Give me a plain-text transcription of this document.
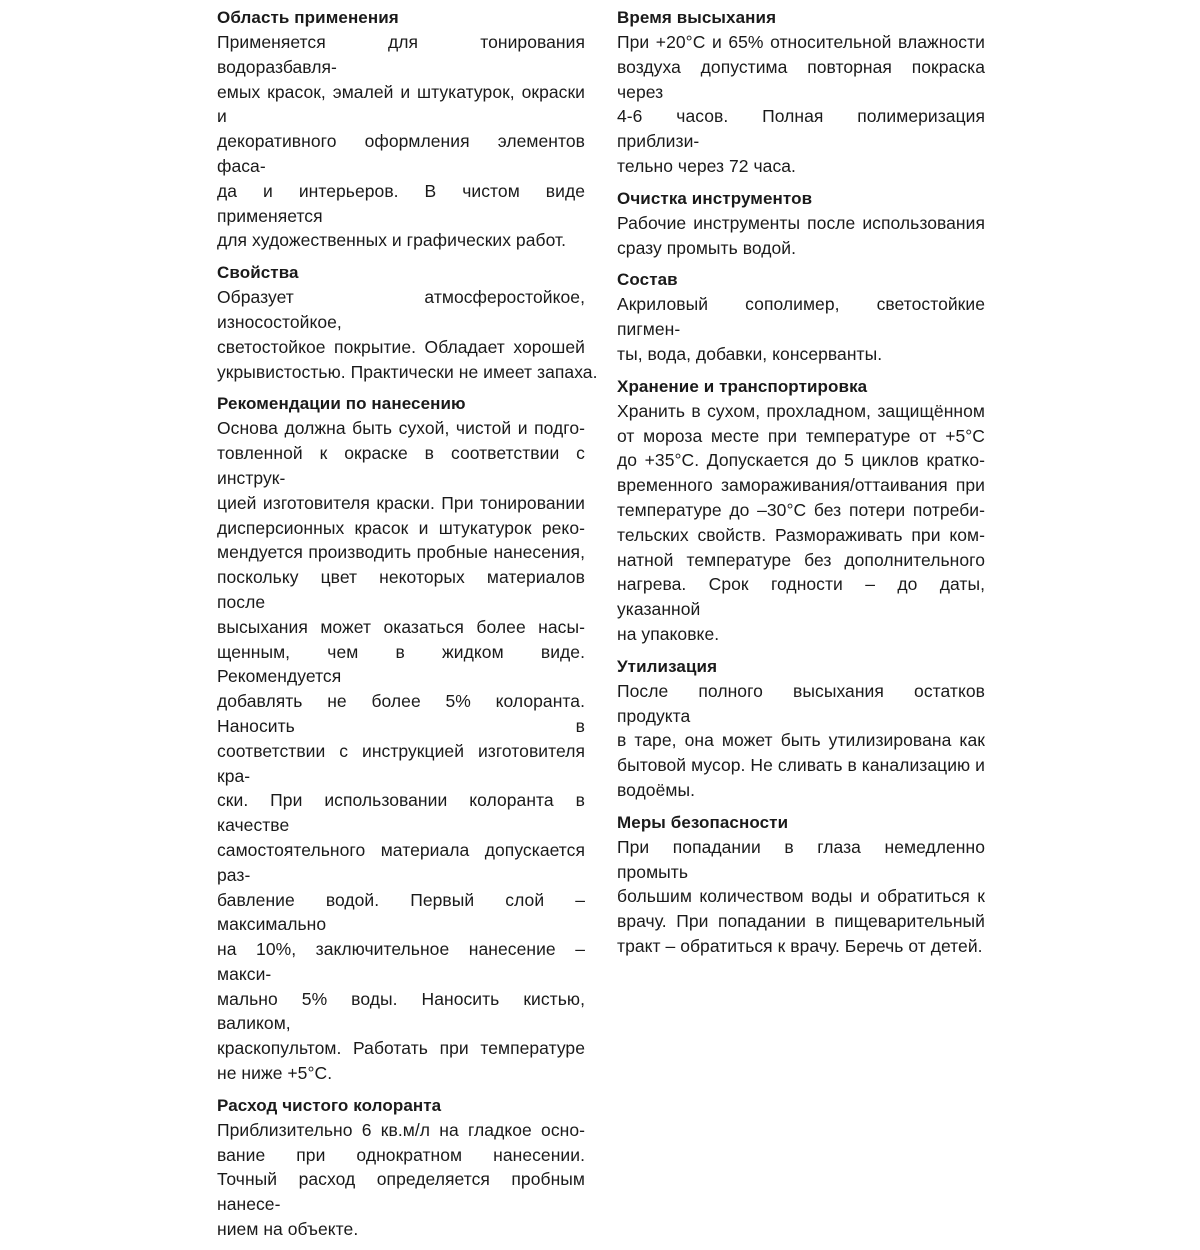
Область применения

Применяется для тонирования водоразбавля-
емых красок, эмалей и штукатурок, окраски и
декоративного оформления элементов фаса-
да и интерьеров. В чистом виде применяется
для художественных и графических работ.

Свойства

Образует атмосферостойкое, износостойкое,
светостойкое покрытие. Обладает хорошей
укрывистостью. Практически не имеет запаха.

Рекомендации по нанесению

Основа должна быть сухой, чистой и подго-
товленной к окраске в соответствии с инструк-
цией изготовителя краски. При тонировании
дисперсионных красок и штукатурок реко-
мендуется производить пробные нанесения,
поскольку цвет некоторых материалов после
высыхания может оказаться более насы-
щенным, чем в жидком виде. Рекомендуется
добавлять не более 5% колоранта. Наносить в
соответствии с инструкцией изготовителя кра-
ски. При использовании колоранта в качестве
самостоятельного материала допускается раз-
бавление водой. Первый слой – максимально
на 10%, заключительное нанесение – макси-
мально 5% воды. Наносить кистью, валиком,
краскопультом. Работать при температуре
не ниже +5°С.

Расход чистого колоранта

Приблизительно 6 кв.м/л на гладкое осно-
вание при однократном нанесении.
Точный расход определяется пробным нанесе-
нием на объекте.

Время высыхания

При +20°С и 65% относительной влажности
воздуха допустима повторная покраска через
4-6 часов. Полная полимеризация приблизи-
тельно через 72 часа.

Очистка инструментов

Рабочие инструменты после использования
сразу промыть водой.

Состав

Акриловый сополимер, светостойкие пигмен-
ты, вода, добавки, консерванты.

Хранение и транспортировка

Хранить в сухом, прохладном, защищённом
от мороза месте при температуре от +5°С
до +35°С. Допускается до 5 циклов кратко-
временного замораживания/оттаивания при
температуре до –30°С без потери потреби-
тельских свойств. Размораживать при ком-
натной температуре без дополнительного
нагрева. Срок годности – до даты, указанной
на упаковке.

Утилизация

После полного высыхания остатков продукта
в таре, она может быть утилизирована как
бытовой мусор. Не сливать в канализацию и
водоёмы.

Меры безопасности

При попадании в глаза немедленно промыть
большим количеством воды и обратиться к
врачу. При попадании в пищеварительный
тракт – обратиться к врачу. Беречь от детей.
